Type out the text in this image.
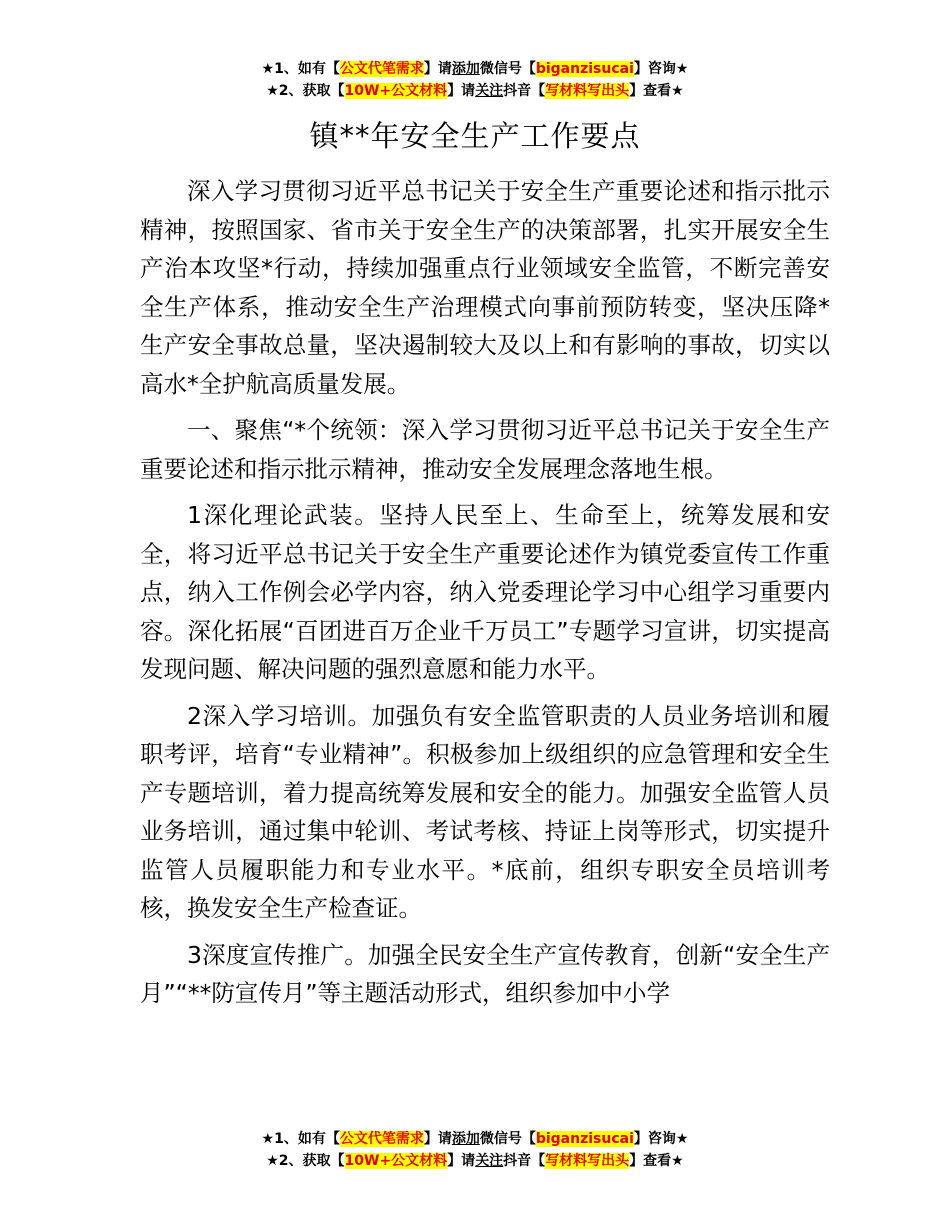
★1、如有【公文代笔需求】请添加微信号【biganzisucai】咨询★
★2、获取【10W+公文材料】请关注抖音【写材料写出头】查看★
镇**年安全生产工作要点

深入学习贯彻习近平总书记关于安全生产重要论述和指示批示精神，按照国家、省市关于安全生产的决策部署，扎实开展安全生产治本攻坚*行动，持续加强重点行业领域安全监管，不断完善安全生产体系，推动安全生产治理模式向事前预防转变，坚决压降*生产安全事故总量，坚决遏制较大及以上和有影响的事故，切实以高水*全护航高质量发展。

一、聚焦“*个统领：深入学习贯彻习近平总书记关于安全生产重要论述和指示批示精神，推动安全发展理念落地生根。

1深化理论武装。坚持人民至上、生命至上，统筹发展和安全，将习近平总书记关于安全生产重要论述作为镇党委宣传工作重点，纳入工作例会必学内容，纳入党委理论学习中心组学习重要内容。深化拓展“百团进百万企业千万员工”专题学习宣讲，切实提高发现问题、解决问题的强烈意愿和能力水平。

2深入学习培训。加强负有安全监管职责的人员业务培训和履职考评，培育“专业精神”。积极参加上级组织的应急管理和安全生产专题培训，着力提高统筹发展和安全的能力。加强安全监管人员业务培训，通过集中轮训、考试考核、持证上岗等形式，切实提升监管人员履职能力和专业水平。*底前，组织专职安全员培训考核，换发安全生产检查证。

3深度宣传推广。加强全民安全生产宣传教育，创新“安全生产月”“**防宣传月”等主题活动形式，组织参加中小学

★1、如有【公文代笔需求】请添加微信号【biganzisucai】咨询★
★2、获取【10W+公文材料】请关注抖音【写材料写出头】查看★
